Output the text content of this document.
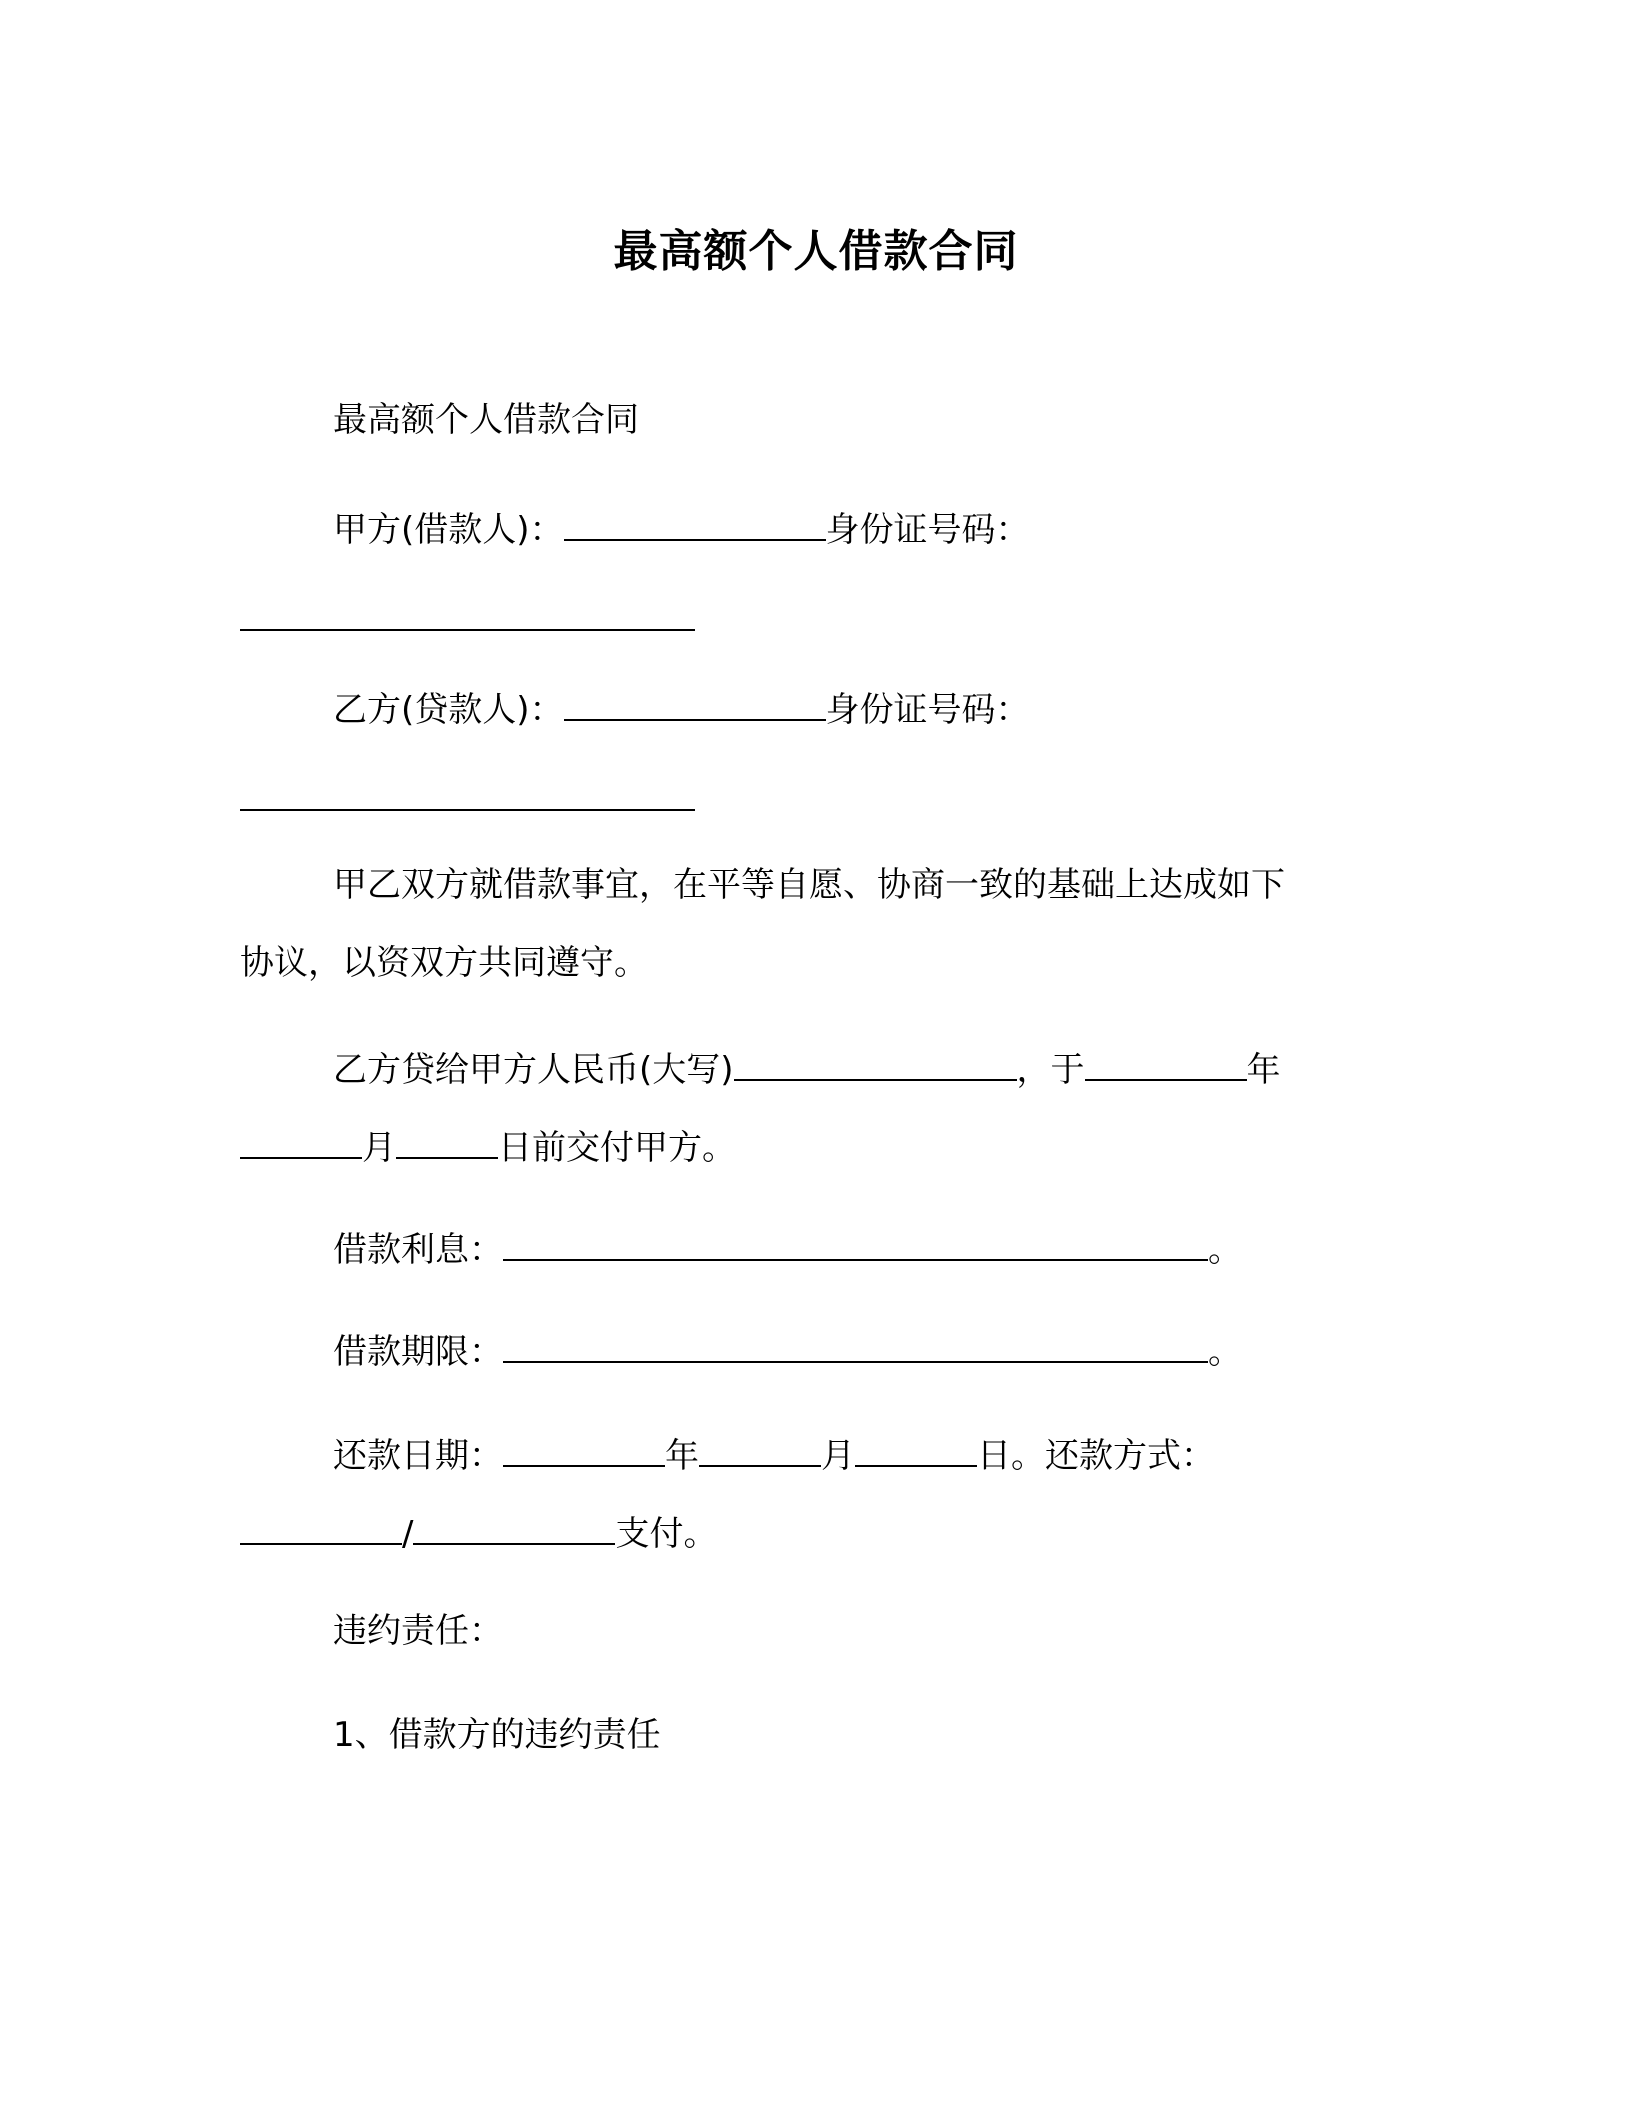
最高额个人借款合同
最高额个人借款合同
甲方(借款人)：	身份证号码：
乙方(贷款人)：	身份证号码：
甲乙双方就借款事宜，在平等自愿、协商一致的基础上达成如下
协议，以资双方共同遵守。
乙方贷给甲方人民币(大写)	，于	年
月	日前交付甲方。
借款利息：	。
借款期限：	。
还款日期：	年	月	日。还款方式：
/	支付。
违约责任：
1、借款方的违约责任
